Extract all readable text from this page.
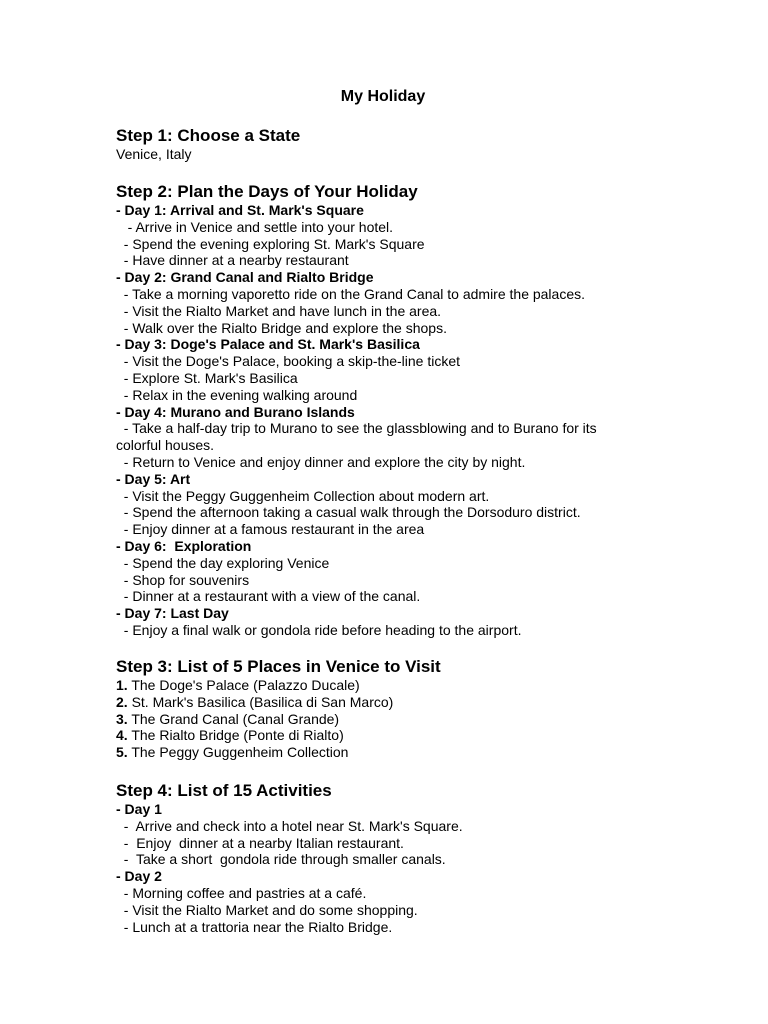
My Holiday

Step 1: Choose a State

Venice, Italy

Step 2: Plan the Days of Your Holiday

- Day 1: Arrival and St. Mark's Square

- Arrive in Venice and settle into your hotel.

- Spend the evening exploring St. Mark's Square

- Have dinner at a nearby restaurant

- Day 2: Grand Canal and Rialto Bridge

- Take a morning vaporetto ride on the Grand Canal to admire the palaces.

- Visit the Rialto Market and have lunch in the area.

- Walk over the Rialto Bridge and explore the shops.

- Day 3: Doge's Palace and St. Mark's Basilica

- Visit the Doge's Palace, booking a skip-the-line ticket

- Explore St. Mark's Basilica

- Relax in the evening walking around

- Day 4: Murano and Burano Islands

- Take a half-day trip to Murano to see the glassblowing and to Burano for its

colorful houses.

- Return to Venice and enjoy dinner and explore the city by night.

- Day 5: Art

- Visit the Peggy Guggenheim Collection about modern art.

- Spend the afternoon taking a casual walk through the Dorsoduro district.

- Enjoy dinner at a famous restaurant in the area

- Day 6:  Exploration

- Spend the day exploring Venice

- Shop for souvenirs

- Dinner at a restaurant with a view of the canal.

- Day 7: Last Day

- Enjoy a final walk or gondola ride before heading to the airport.

Step 3: List of 5 Places in Venice to Visit

1. The Doge's Palace (Palazzo Ducale)

2. St. Mark's Basilica (Basilica di San Marco)

3. The Grand Canal (Canal Grande)

4. The Rialto Bridge (Ponte di Rialto)

5. The Peggy Guggenheim Collection

Step 4: List of 15 Activities

- Day 1

-  Arrive and check into a hotel near St. Mark's Square.

-  Enjoy  dinner at a nearby Italian restaurant.

-  Take a short  gondola ride through smaller canals.

- Day 2

- Morning coffee and pastries at a café.

- Visit the Rialto Market and do some shopping.

- Lunch at a trattoria near the Rialto Bridge.
